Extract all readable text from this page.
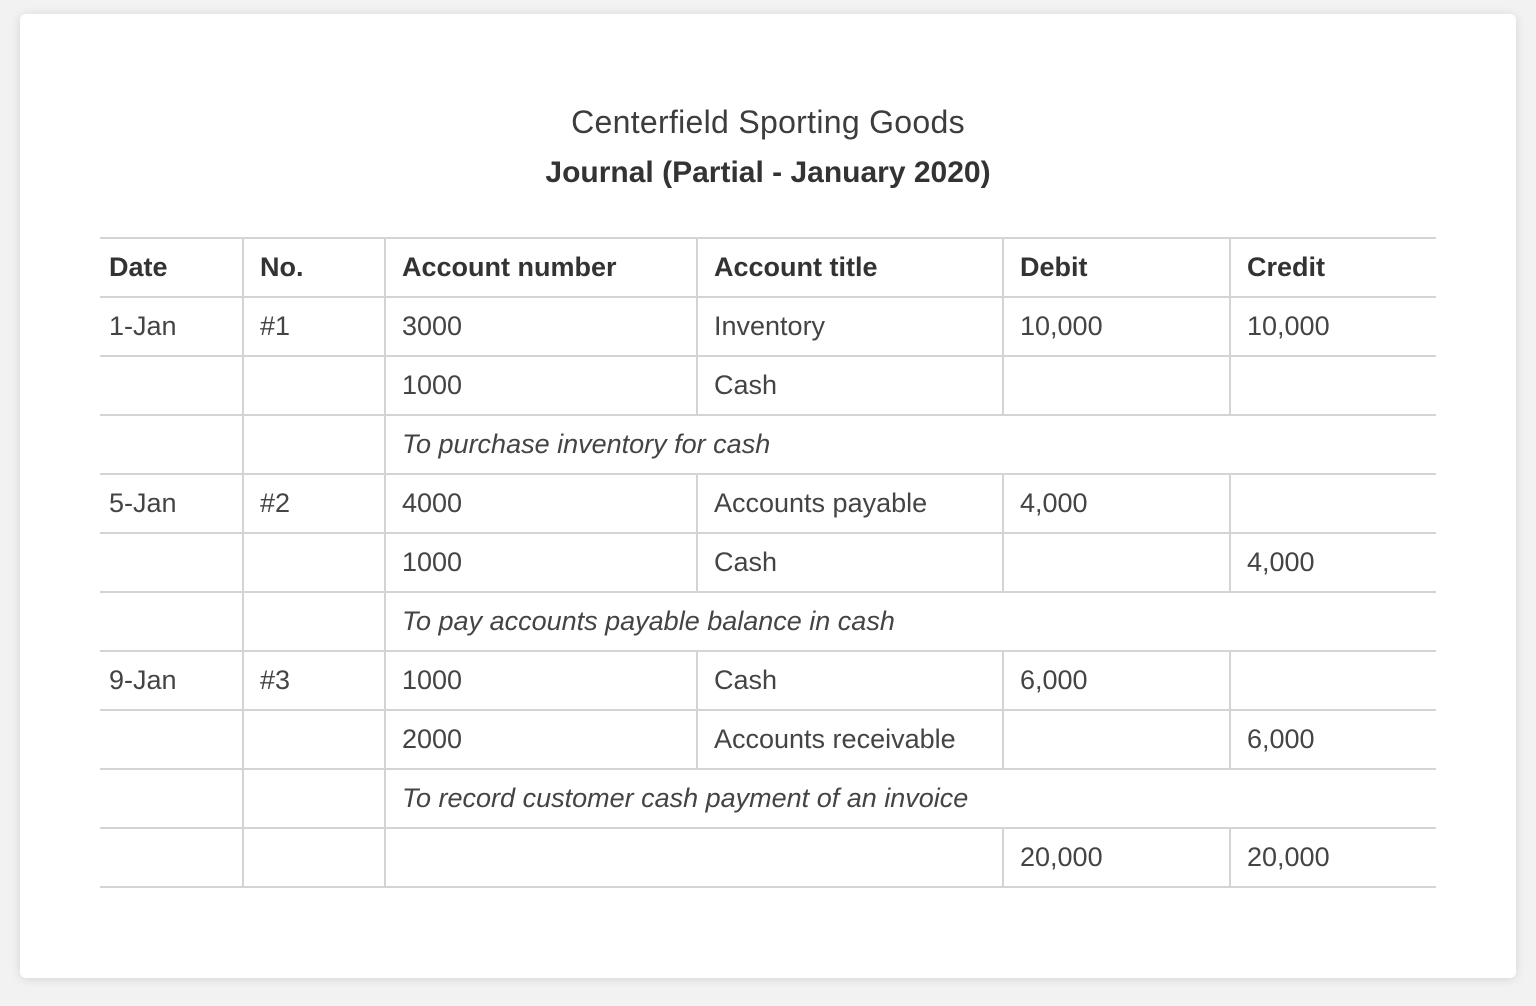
Centerfield Sporting Goods
Journal (Partial - January 2020)
Date	No.	Account number	Account title	Debit	Credit
1-Jan	#1	3000	Inventory	10,000	10,000
		1000	Cash		
		To purchase inventory for cash			
5-Jan	#2	4000	Accounts payable	4,000	
		1000	Cash		4,000
		To pay accounts payable balance in cash			
9-Jan	#3	1000	Cash	6,000	
		2000	Accounts receivable		6,000
		To record customer cash payment of an invoice			
				20,000	20,000
